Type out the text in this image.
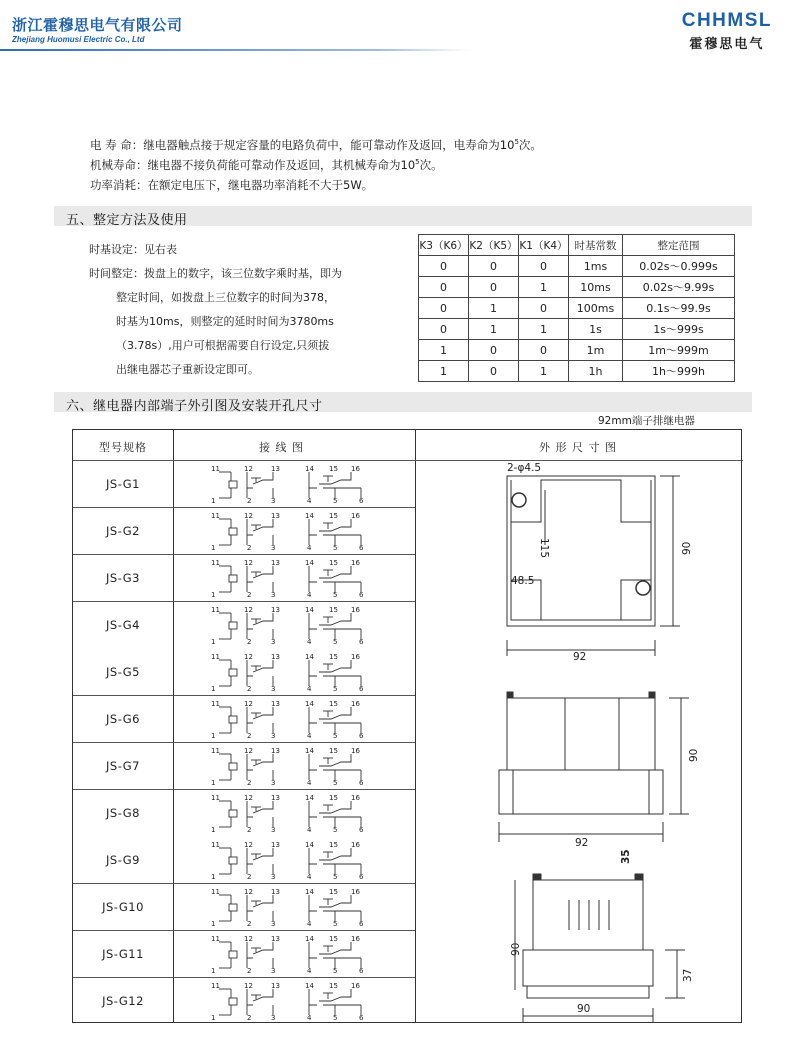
浙江霍穆思电气有限公司
Zhejiang Huomusi Electric Co., Ltd
CHHMSL
霍穆思电气
电 寿 命：继电器触点接于规定容量的电路负荷中，能可靠动作及返回，电寿命为$10^5$次。
机械寿命：继电器不接负荷能可靠动作及返回，其机械寿命为$10^5$次。
功率消耗：在额定电压下，继电器功率消耗不大于5W。
五、整定方法及使用
时基设定：见右表
时间整定：拨盘上的数字，该三位数字乘时基，即为
整定时间，如拨盘上三位数字的时间为378，
时基为10ms，则整定的延时时间为3780ms
（3.78s）,用户可根据需要自行设定,只须拔
出继电器芯子重新设定即可。
K3（K6）	K2（K5）	K1（K4）	时基常数	整定范围
0	0	0	1ms	0.02s～0.999s
0	0	1	10ms	0.02s～9.99s
0	1	0	100ms	0.1s～99.9s
0	1	1	1s	1s～999s
1	0	0	1m	1m～999m
1	0	1	1h	1h～999h
六、继电器内部端子外引图及安装开孔尺寸
92mm端子排继电器
型号规格	接 线 图	外 形 尺 寸 图
JS-G1
11	12	13	14 15 16
1	2	3	4	5	6
JS-G2
11	12	13	14 15 16
1	2	3	4	5	6
JS-G3
11	12	13	14 15 16
1	2	3	4	5	6
JS-G4
11	12	13	14 15 16
1	2	3	4	5	6
JS-G5
11	12	13	14 15 16
1	2	3	4	5	6
JS-G6
11	12	13	14 15 16
1	2	3	4	5	6
JS-G7
11	12	13	14 15 16
1	2	3	4	5	6
JS-G8
11	12	13	14 15 16
1	2	3	4	5	6
JS-G9
11	12	13	14 15 16
1	2	3	4	5	6
JS-G10
11	12	13	14 15 16
1	2	3	4	5	6
JS-G11
11	12	13	14 15 16
1	2	3	4	5	6
JS-G12
11	12	13	14 15 16
1	2	3	4	5	6
2-φ4.5
115
48.5
90
92
90
92
35
90
37
90
